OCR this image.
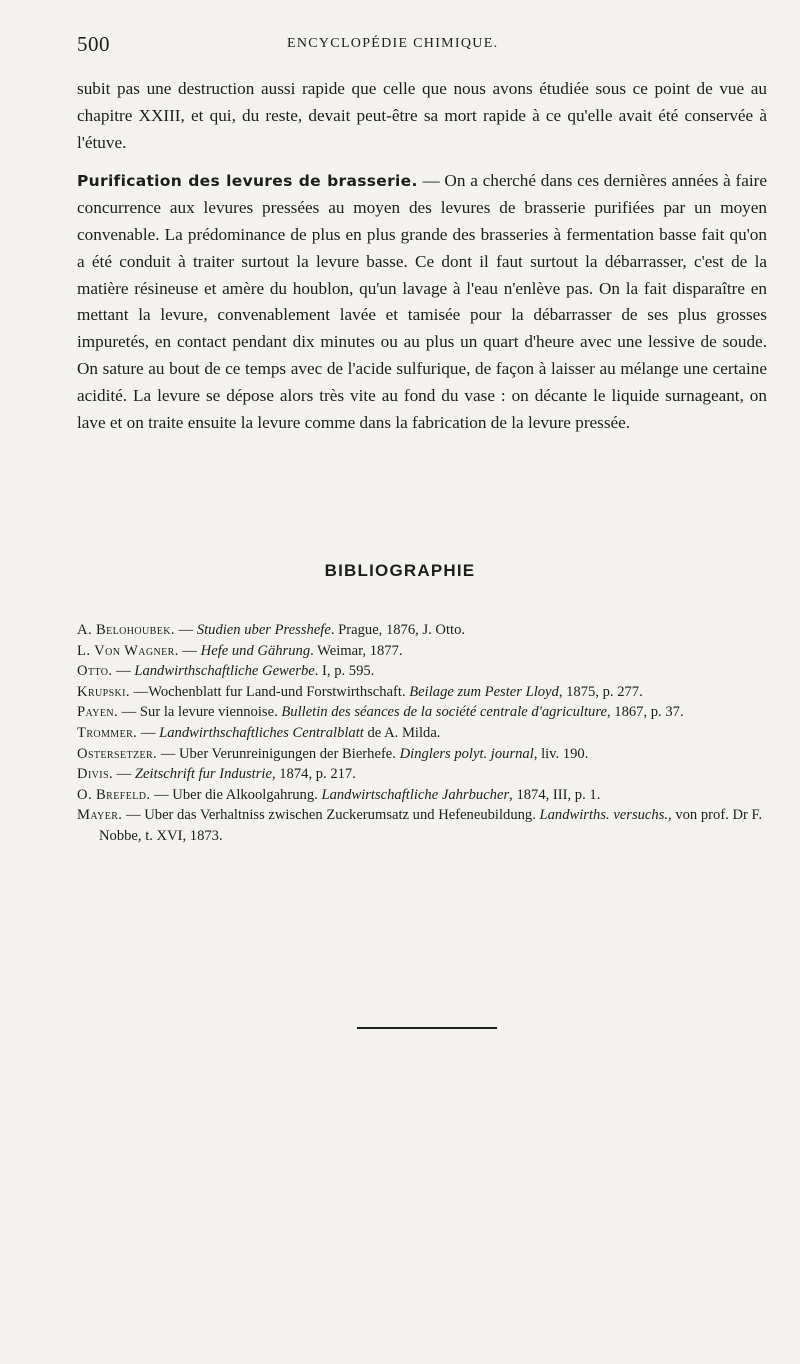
500	ENCYCLOPÉDIE CHIMIQUE.

subit pas une destruction aussi rapide que celle que nous avons étudiée sous ce point de vue au chapitre XXIII, et qui, du reste, devait peut-être sa mort rapide à ce qu'elle avait été conservée à l'étuve.

Purification des levures de brasserie. — On a cherché dans ces dernières années à faire concurrence aux levures pressées au moyen des levures de brasserie purifiées par un moyen convenable. La prédominance de plus en plus grande des brasseries à fermentation basse fait qu'on a été conduit à traiter surtout la levure basse. Ce dont il faut surtout la débarrasser, c'est de la matière résineuse et amère du houblon, qu'un lavage à l'eau n'enlève pas. On la fait disparaître en mettant la levure, convenablement lavée et tamisée pour la débarrasser de ses plus grosses impuretés, en contact pendant dix minutes ou au plus un quart d'heure avec une lessive de soude. On sature au bout de ce temps avec de l'acide sulfurique, de façon à laisser au mélange une certaine acidité. La levure se dépose alors très vite au fond du vase : on décante le liquide surnageant, on lave et on traite ensuite la levure comme dans la fabrication de la levure pressée.

BIBLIOGRAPHIE

A. Belohoubek. — Studien uber Presshefe. Prague, 1876, J. Otto.

L. Von Wagner. — Hefe und Gährung. Weimar, 1877.

Otto. — Landwirthschaftliche Gewerbe. I, p. 595.

Krupski. —Wochenblatt fur Land-und Forstwirthschaft. Beilage zum Pester Lloyd, 1875, p. 277.

Payen. — Sur la levure viennoise. Bulletin des séances de la société centrale d'agriculture, 1867, p. 37.

Trommer. — Landwirthschaftliches Centralblatt de A. Milda.

Ostersetzer. — Uber Verunreinigungen der Bierhefe. Dinglers polyt. journal, liv. 190.

Divis. — Zeitschrift fur Industrie, 1874, p. 217.

O. Brefeld. — Uber die Alkoolgahrung. Landwirtschaftliche Jahrbucher, 1874, III, p. 1.

Mayer. — Uber das Verhaltniss zwischen Zuckerumsatz und Hefeneubildung. Landwirths. versuchs., von prof. Dr F. Nobbe, t. XVI, 1873.
